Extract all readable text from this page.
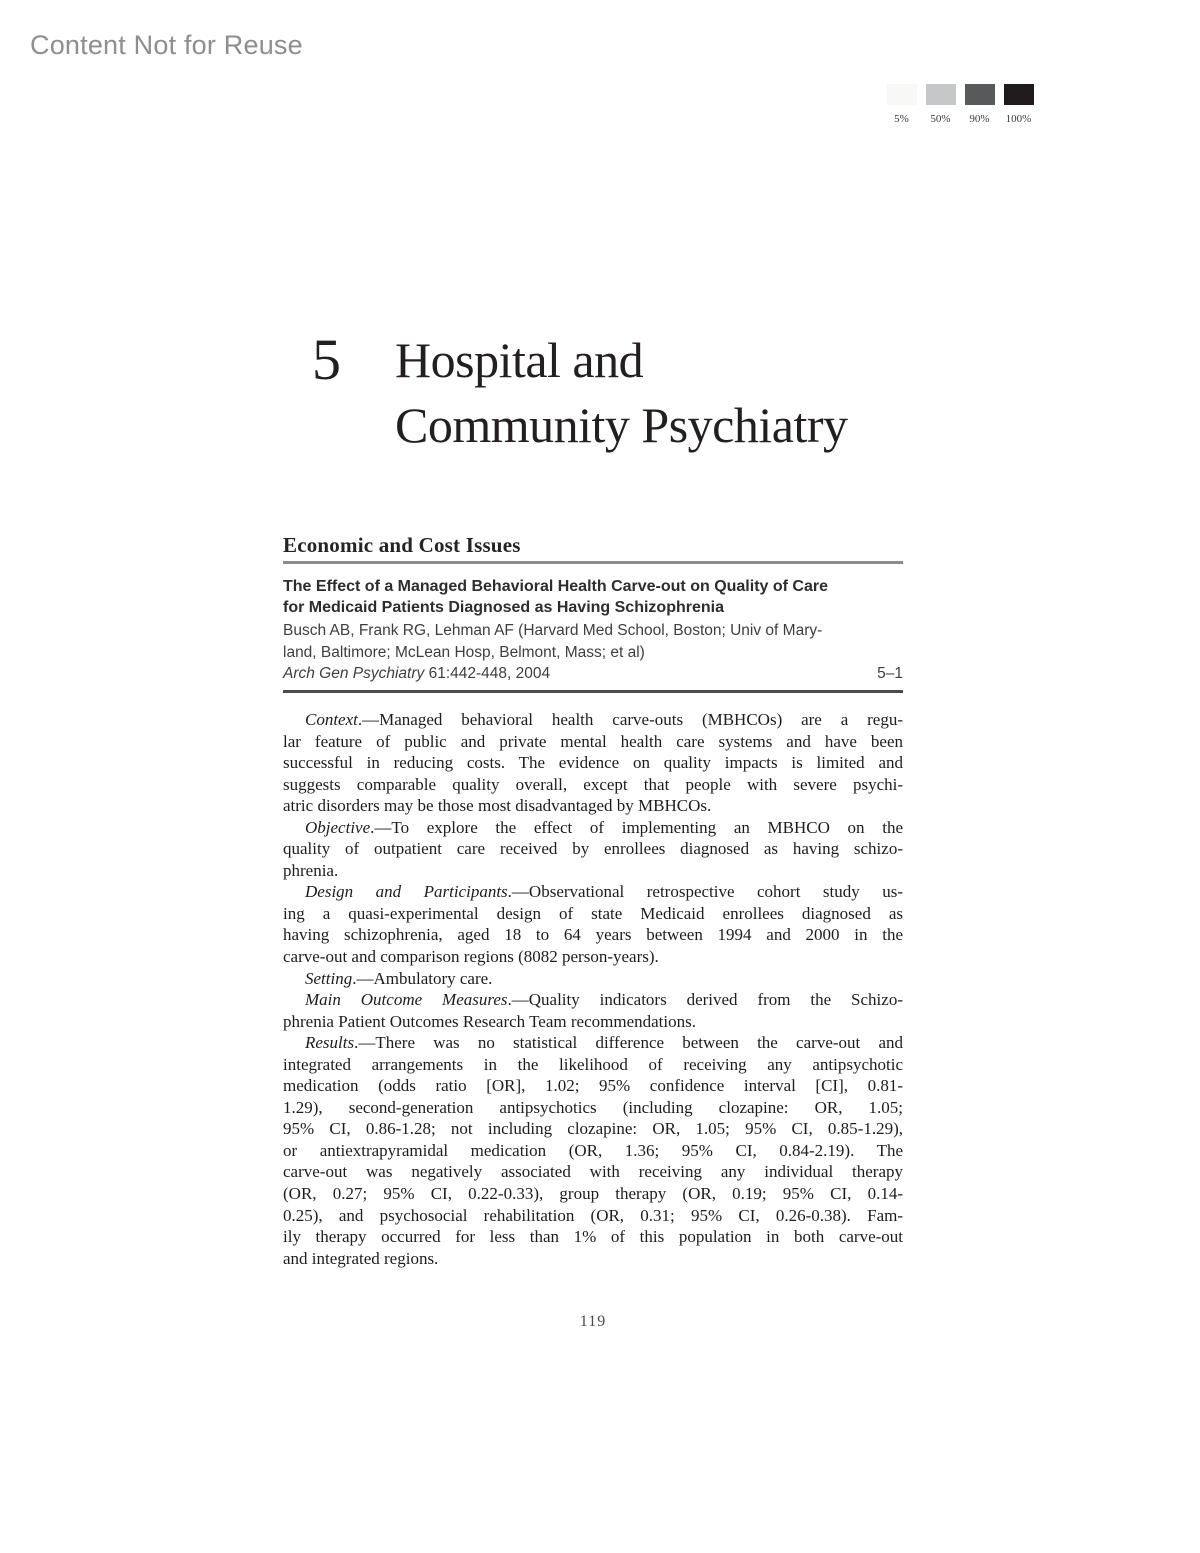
Content Not for Reuse
5% 50% 90% 100%
5	Hospital and
Community Psychiatry
Economic and Cost Issues
The Effect of a Managed Behavioral Health Carve-out on Quality of Care
for Medicaid Patients Diagnosed as Having Schizophrenia
Busch AB, Frank RG, Lehman AF (Harvard Med School, Boston; Univ of Mary-
land, Baltimore; McLean Hosp, Belmont, Mass; et al)
Arch Gen Psychiatry 61:442-448, 2004	5–1
Context.—Managed behavioral health carve-outs (MBHCOs) are a regu-
lar feature of public and private mental health care systems and have been
successful in reducing costs. The evidence on quality impacts is limited and
suggests comparable quality overall, except that people with severe psychi-
atric disorders may be those most disadvantaged by MBHCOs.
Objective.—To explore the effect of implementing an MBHCO on the
quality of outpatient care received by enrollees diagnosed as having schizo-
phrenia.
Design and Participants.—Observational retrospective cohort study us-
ing a quasi-experimental design of state Medicaid enrollees diagnosed as
having schizophrenia, aged 18 to 64 years between 1994 and 2000 in the
carve-out and comparison regions (8082 person-years).
Setting.—Ambulatory care.
Main Outcome Measures.—Quality indicators derived from the Schizo-
phrenia Patient Outcomes Research Team recommendations.
Results.—There was no statistical difference between the carve-out and
integrated arrangements in the likelihood of receiving any antipsychotic
medication (odds ratio [OR], 1.02; 95% confidence interval [CI], 0.81-
1.29), second-generation antipsychotics (including clozapine: OR, 1.05;
95% CI, 0.86-1.28; not including clozapine: OR, 1.05; 95% CI, 0.85-1.29),
or antiextrapyramidal medication (OR, 1.36; 95% CI, 0.84-2.19). The
carve-out was negatively associated with receiving any individual therapy
(OR, 0.27; 95% CI, 0.22-0.33), group therapy (OR, 0.19; 95% CI, 0.14-
0.25), and psychosocial rehabilitation (OR, 0.31; 95% CI, 0.26-0.38). Fam-
ily therapy occurred for less than 1% of this population in both carve-out
and integrated regions.
119
